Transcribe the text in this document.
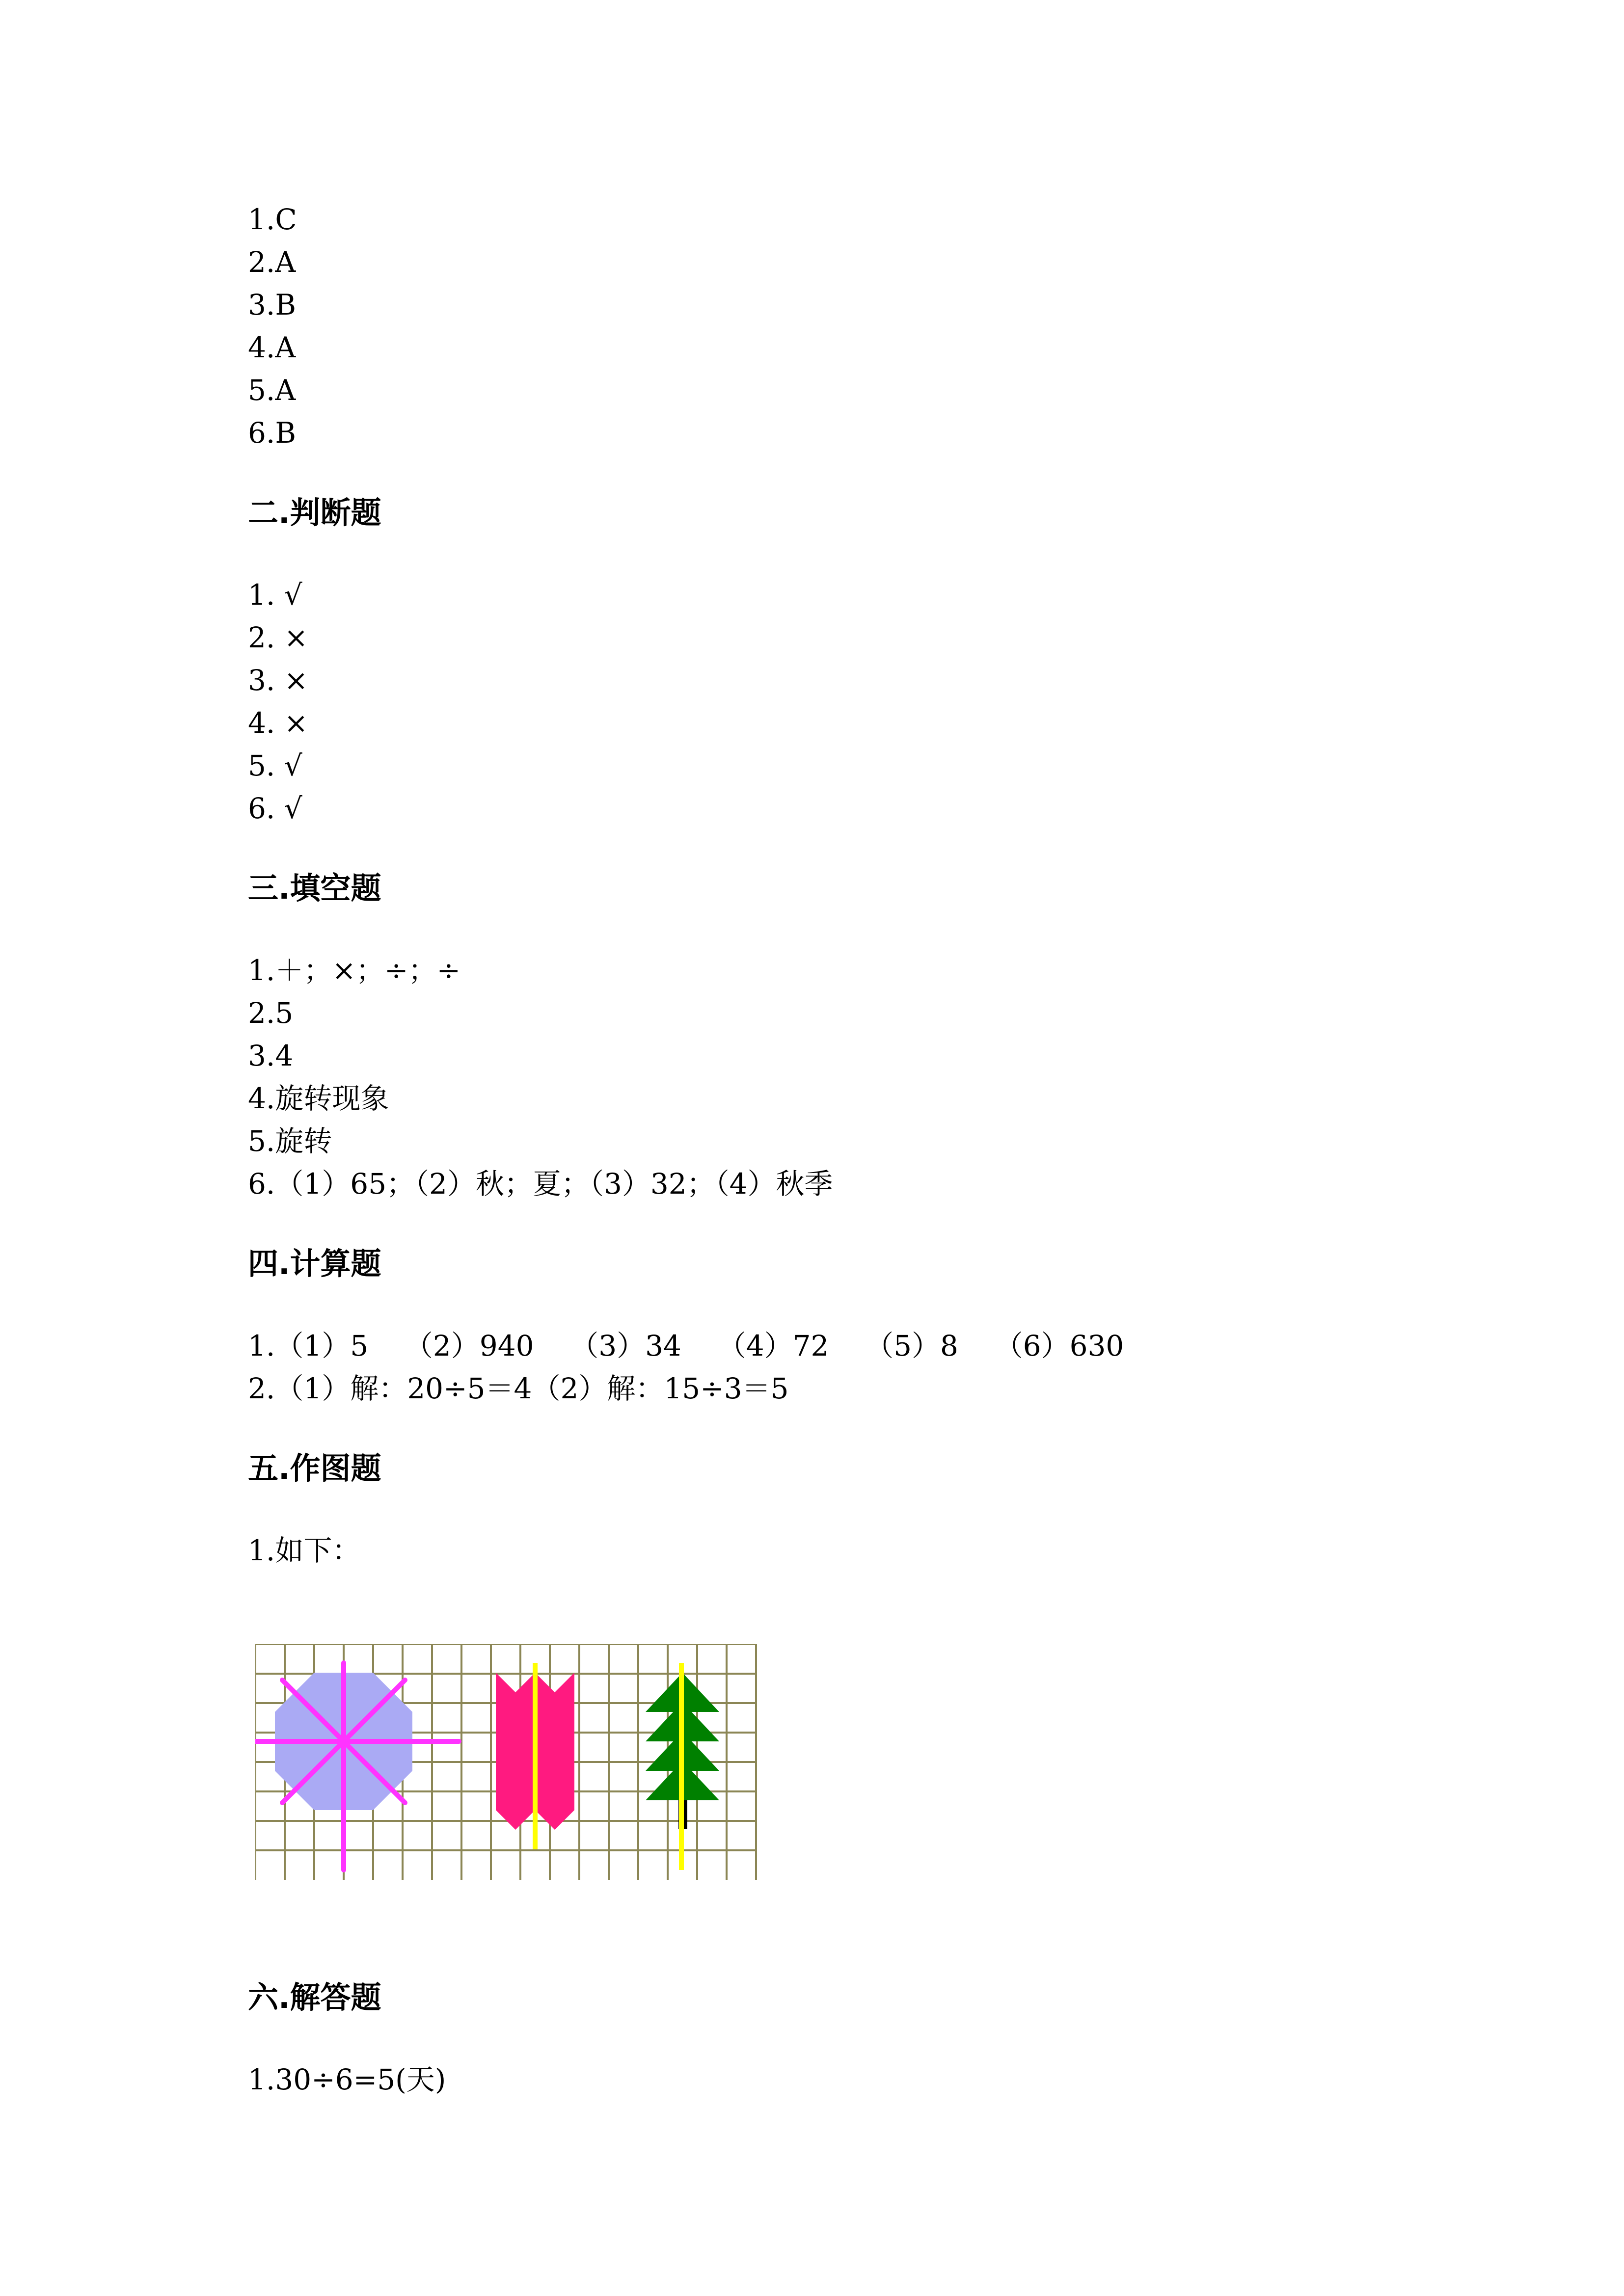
1.C
2.A
3.B
4.A
5.A
6.B
二.判断题
1. √
2. ×
3. ×
4. ×
5. √
6. √
三.填空题
1.＋；×；÷；÷
2.5
3.4
4.旋转现象
5.旋转
6.（1）65；（2）秋；夏；（3）32；（4）秋季
四.计算题
1.（1）5    （2）940    （3）34    （4）72    （5）8    （6）630
2.（1）解：20÷5＝4（2）解：15÷3＝5
五.作图题
1.如下：
六.解答题
1.30÷6=5(天)
